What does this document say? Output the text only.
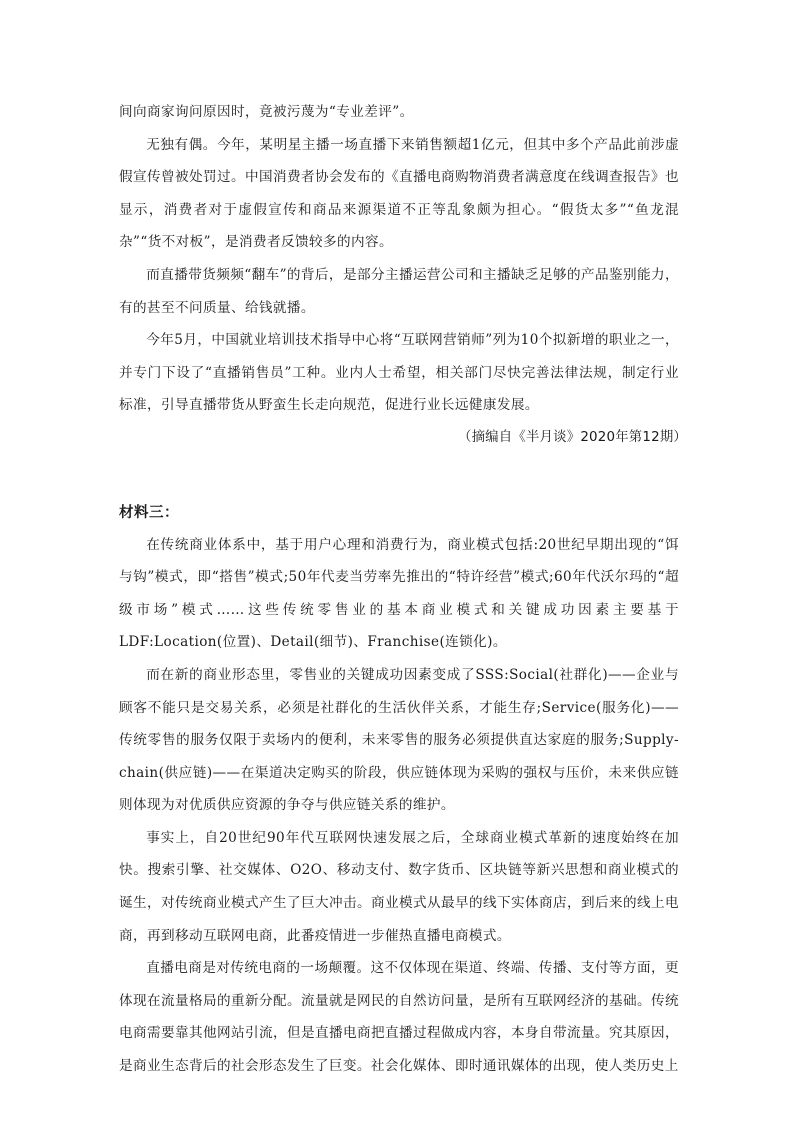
间向商家询问原因时，竟被污蔑为“专业差评”。

无独有偶。今年，某明星主播一场直播下来销售额超1亿元，但其中多个产品此前涉虚假宣传曾被处罚过。中国消费者协会发布的《直播电商购物消费者满意度在线调查报告》也显示，消费者对于虚假宣传和商品来源渠道不正等乱象颇为担心。“假货太多”“鱼龙混杂”“货不对板”，是消费者反馈较多的内容。

而直播带货频频“翻车”的背后，是部分主播运营公司和主播缺乏足够的产品鉴别能力，有的甚至不问质量、给钱就播。

今年5月，中国就业培训技术指导中心将“互联网营销师”列为10个拟新增的职业之一，并专门下设了“直播销售员”工种。业内人士希望，相关部门尽快完善法律法规，制定行业标准，引导直播带货从野蛮生长走向规范，促进行业长远健康发展。

（摘编自《半月谈》2020年第12期）

材料三：

在传统商业体系中，基于用户心理和消费行为，商业模式包括:20世纪早期出现的“饵与钩”模式，即“搭售”模式;50年代麦当劳率先推出的“特许经营”模式;60年代沃尔玛的“超级市场”模式……这些传统零售业的基本商业模式和关键成功因素主要基于LDF:Location(位置)、Detail(细节)、Franchise(连锁化)。

而在新的商业形态里，零售业的关键成功因素变成了SSS:Social(社群化)——企业与顾客不能只是交易关系，必须是社群化的生活伙伴关系，才能生存;Service(服务化)——传统零售的服务仅限于卖场内的便利，未来零售的服务必须提供直达家庭的服务;Supply-chain(供应链)——在渠道决定购买的阶段，供应链体现为采购的强权与压价，未来供应链则体现为对优质供应资源的争夺与供应链关系的维护。

事实上，自20世纪90年代互联网快速发展之后，全球商业模式革新的速度始终在加快。搜索引擎、社交媒体、O2O、移动支付、数字货币、区块链等新兴思想和商业模式的诞生，对传统商业模式产生了巨大冲击。商业模式从最早的线下实体商店，到后来的线上电商，再到移动互联网电商，此番疫情进一步催热直播电商模式。

直播电商是对传统电商的一场颠覆。这不仅体现在渠道、终端、传播、支付等方面，更体现在流量格局的重新分配。流量就是网民的自然访问量，是所有互联网经济的基础。传统电商需要靠其他网站引流，但是直播电商把直播过程做成内容，本身自带流量。究其原因，是商业生态背后的社会形态发生了巨变。社会化媒体、即时通讯媒体的出现，使人类历史上
